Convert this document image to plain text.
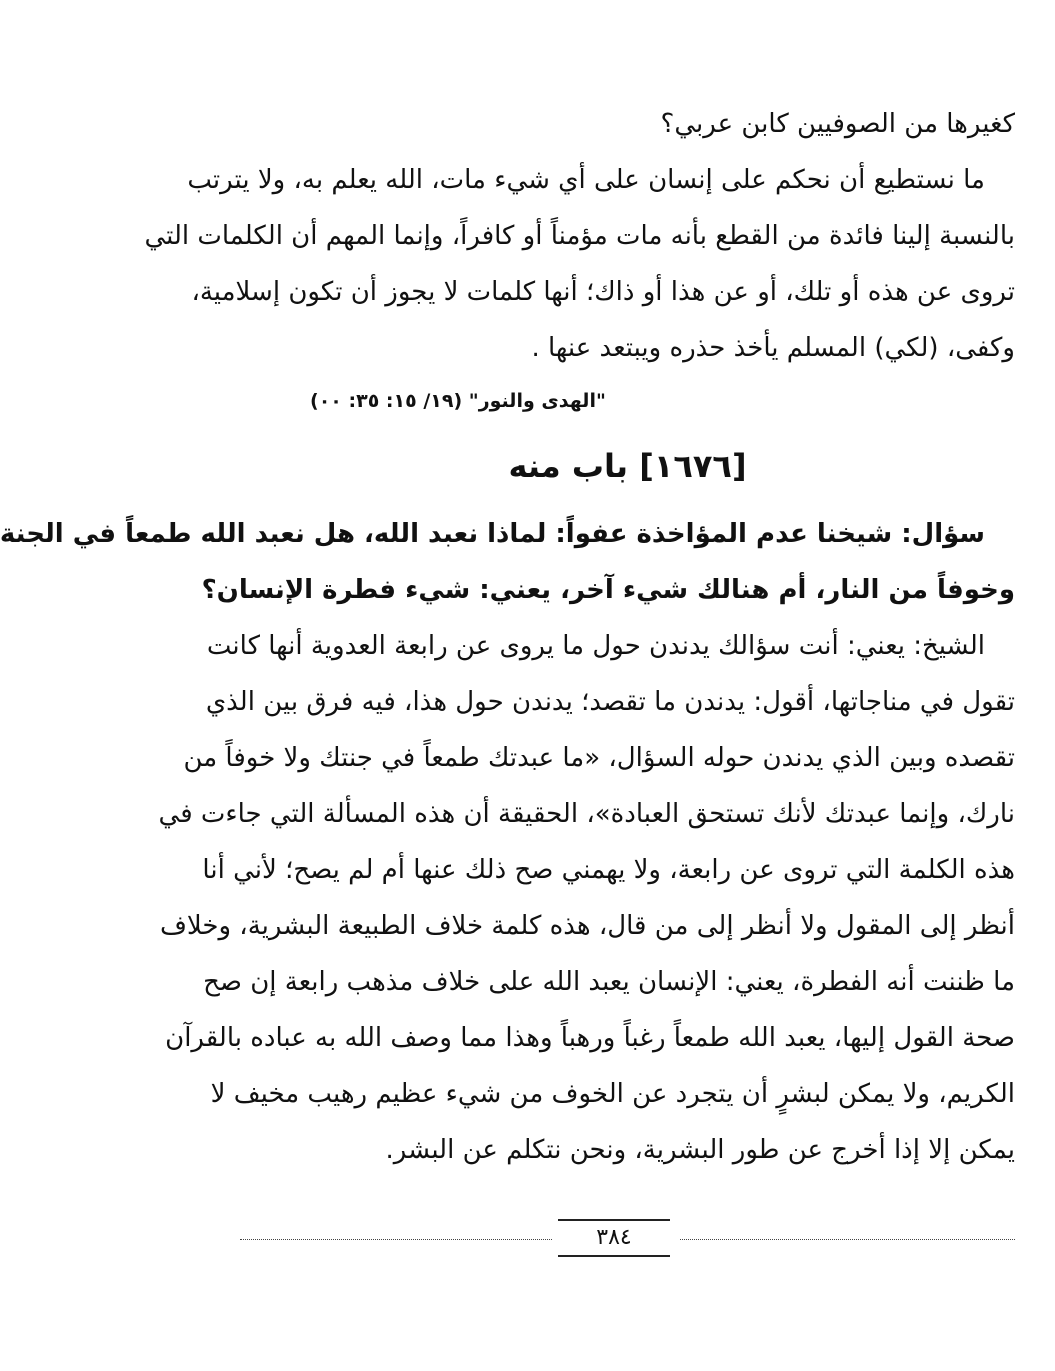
كغيرها من الصوفيين كابن عربي؟
ما نستطيع أن نحكم على إنسان على أي شيء مات، الله يعلم به، ولا يترتب
بالنسبة إلينا فائدة من القطع بأنه مات مؤمناً أو كافراً، وإنما المهم أن الكلمات التي
تروى عن هذه أو تلك، أو عن هذا أو ذاك؛ أنها كلمات لا يجوز أن تكون إسلامية،
وكفى، (لكي) المسلم يأخذ حذره ويبتعد عنها .
"الهدى والنور" (١٩/ ١٥: ٣٥: ٠٠)
[١٦٧٦] باب منه
سؤال: شيخنا عدم المؤاخذة عفواً: لماذا نعبد الله، هل نعبد الله طمعاً في الجنة
وخوفاً من النار، أم هنالك شيء آخر، يعني: شيء فطرة الإنسان؟
الشيخ: يعني: أنت سؤالك يدندن حول ما يروى عن رابعة العدوية أنها كانت
تقول في مناجاتها، أقول: يدندن ما تقصد؛ يدندن حول هذا، فيه فرق بين الذي
تقصده وبين الذي يدندن حوله السؤال، «ما عبدتك طمعاً في جنتك ولا خوفاً من
نارك، وإنما عبدتك لأنك تستحق العبادة»، الحقيقة أن هذه المسألة التي جاءت في
هذه الكلمة التي تروى عن رابعة، ولا يهمني صح ذلك عنها أم لم يصح؛ لأني أنا
أنظر إلى المقول ولا أنظر إلى من قال، هذه كلمة خلاف الطبيعة البشرية، وخلاف
ما ظننت أنه الفطرة، يعني: الإنسان يعبد الله على خلاف مذهب رابعة إن صح
صحة القول إليها، يعبد الله طمعاً رغباً ورهباً وهذا مما وصف الله به عباده بالقرآن
الكريم، ولا يمكن لبشرٍ أن يتجرد عن الخوف من شيء عظيم رهيب مخيف لا
يمكن إلا إذا أخرج عن طور البشرية، ونحن نتكلم عن البشر.
٣٨٤
